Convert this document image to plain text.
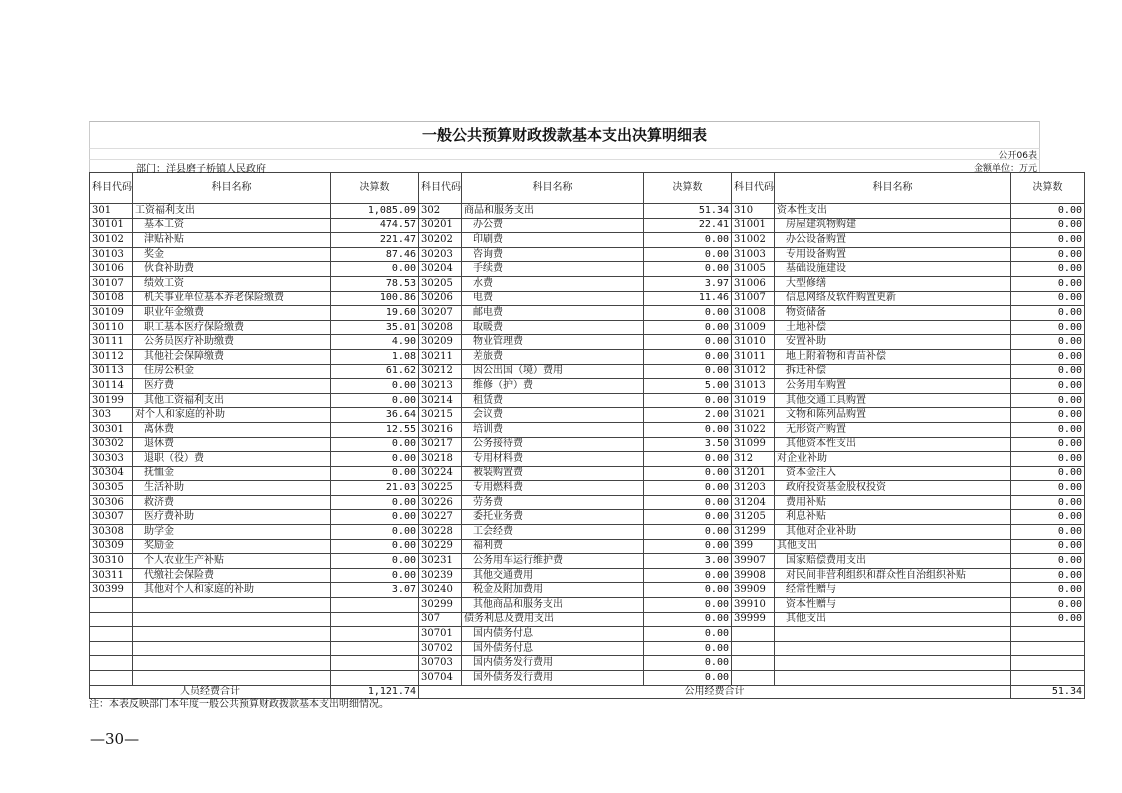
一般公共预算财政拨款基本支出决算明细表
公开06表
部门：洋县磨子桥镇人民政府	金额单位：万元
科目代码	科目名称	决算数	科目代码	科目名称	决算数	科目代码	科目名称	决算数
301	工资福利支出	1,085.09	302	商品和服务支出	51.34	310	资本性支出	0.00
30101	基本工资	474.57	30201	办公费	22.41	31001	房屋建筑物购建	0.00
30102	津贴补贴	221.47	30202	印刷费	0.00	31002	办公设备购置	0.00
30103	奖金	87.46	30203	咨询费	0.00	31003	专用设备购置	0.00
30106	伙食补助费	0.00	30204	手续费	0.00	31005	基础设施建设	0.00
30107	绩效工资	78.53	30205	水费	3.97	31006	大型修缮	0.00
30108	机关事业单位基本养老保险缴费	100.86	30206	电费	11.46	31007	信息网络及软件购置更新	0.00
30109	职业年金缴费	19.60	30207	邮电费	0.00	31008	物资储备	0.00
30110	职工基本医疗保险缴费	35.01	30208	取暖费	0.00	31009	土地补偿	0.00
30111	公务员医疗补助缴费	4.90	30209	物业管理费	0.00	31010	安置补助	0.00
30112	其他社会保障缴费	1.08	30211	差旅费	0.00	31011	地上附着物和青苗补偿	0.00
30113	住房公积金	61.62	30212	因公出国（境）费用	0.00	31012	拆迁补偿	0.00
30114	医疗费	0.00	30213	维修（护）费	5.00	31013	公务用车购置	0.00
30199	其他工资福利支出	0.00	30214	租赁费	0.00	31019	其他交通工具购置	0.00
303	对个人和家庭的补助	36.64	30215	会议费	2.00	31021	文物和陈列品购置	0.00
30301	离休费	12.55	30216	培训费	0.00	31022	无形资产购置	0.00
30302	退休费	0.00	30217	公务接待费	3.50	31099	其他资本性支出	0.00
30303	退职（役）费	0.00	30218	专用材料费	0.00	312	对企业补助	0.00
30304	抚恤金	0.00	30224	被装购置费	0.00	31201	资本金注入	0.00
30305	生活补助	21.03	30225	专用燃料费	0.00	31203	政府投资基金股权投资	0.00
30306	救济费	0.00	30226	劳务费	0.00	31204	费用补贴	0.00
30307	医疗费补助	0.00	30227	委托业务费	0.00	31205	利息补贴	0.00
30308	助学金	0.00	30228	工会经费	0.00	31299	其他对企业补助	0.00
30309	奖励金	0.00	30229	福利费	0.00	399	其他支出	0.00
30310	个人农业生产补贴	0.00	30231	公务用车运行维护费	3.00	39907	国家赔偿费用支出	0.00
30311	代缴社会保险费	0.00	30239	其他交通费用	0.00	39908	对民间非营利组织和群众性自治组织补贴	0.00
30399	其他对个人和家庭的补助	3.07	30240	税金及附加费用	0.00	39909	经常性赠与	0.00
			30299	其他商品和服务支出	0.00	39910	资本性赠与	0.00
			307	债务利息及费用支出	0.00	39999	其他支出	0.00
			30701	国内债务付息	0.00			
			30702	国外债务付息	0.00			
			30703	国内债务发行费用	0.00			
			30704	国外债务发行费用	0.00			
人员经费合计		1,121.74	公用经费合计					51.34
注：本表反映部门本年度一般公共预算财政拨款基本支出明细情况。
—30—
